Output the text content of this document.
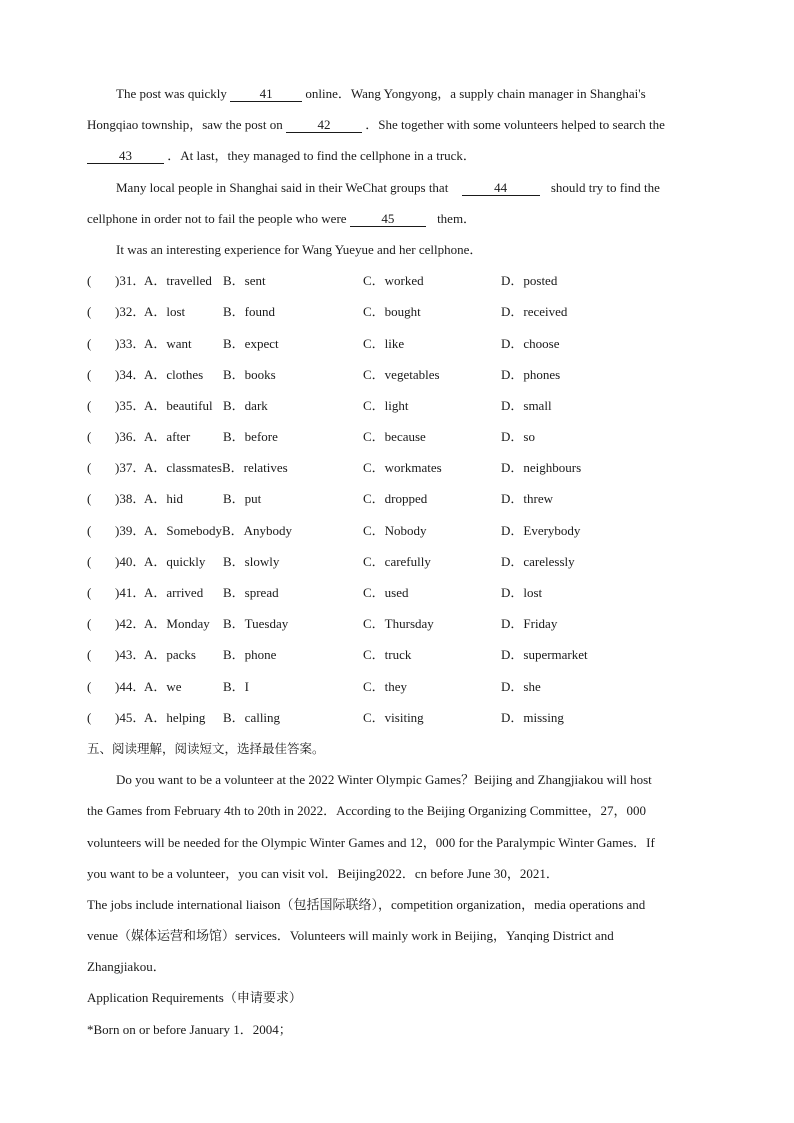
The post was quickly 41 online．Wang Yongyong，a supply chain manager in Shanghai's
Hongqiao township，saw the post on 42 ．She together with some volunteers helped to search the
43 ．At last，they managed to find the cellphone in a truck．
Many local people in Shanghai said in their WeChat groups that	44	should try to find the
cellphone in order not to fail the people who were 45	them．
It was an interesting experience for Wang Yueyue and her cellphone．
( )31．
A．travelled B．sent	C．worked	D．posted
( )32．
A．lost	B．found	C．bought	D．received
( )33．
A．want B．expect	C．like	D．choose
( )34．
A．clothes B．books	C．vegetables	D．phones
( )35．
A．beautiful B．dark	C．light	D．small
( )36．
A．after	B．before	C．because	D．so
( )37．
A．classmatesB．relatives	C．workmates	D．neighbours
( )38．
A．hid	B．put	C．dropped	D．threw
( )39．
A．SomebodyB．Anybody	C．Nobody	D．Everybody
( )40．
A．quickly B．slowly	C．carefully	D．carelessly
( )41．
A．arrived B．spread	C．used	D．lost
( )42．
A．Monday B．Tuesday	C．Thursday	D．Friday
( )43．
A．packs B．phone	C．truck	D．supermarket
( )44．
A．we	B．I	C．they	D．she
( )45．
A．helping B．calling	C．visiting	D．missing
五、阅读理解，阅读短文，选择最佳答案。
Do you want to be a volunteer at the 2022 Winter Olympic Games？Beijing and Zhangjiakou will host
the Games from February 4th to 20th in 2022．According to the Beijing Organizing Committee，27，000
volunteers will be needed for the Olympic Winter Games and 12，000 for the Paralympic Winter Games．If
you want to be a volunteer，you can visit vol．Beijing2022．cn before June 30，2021．
The jobs include international liaison（包括国际联络），competition organization，media operations and
venue（媒体运营和场馆）services．Volunteers will mainly work in Beijing，Yanqing District and
Zhangjiakou．
Application Requirements（申请要求）
*Born on or before January 1．2004；
